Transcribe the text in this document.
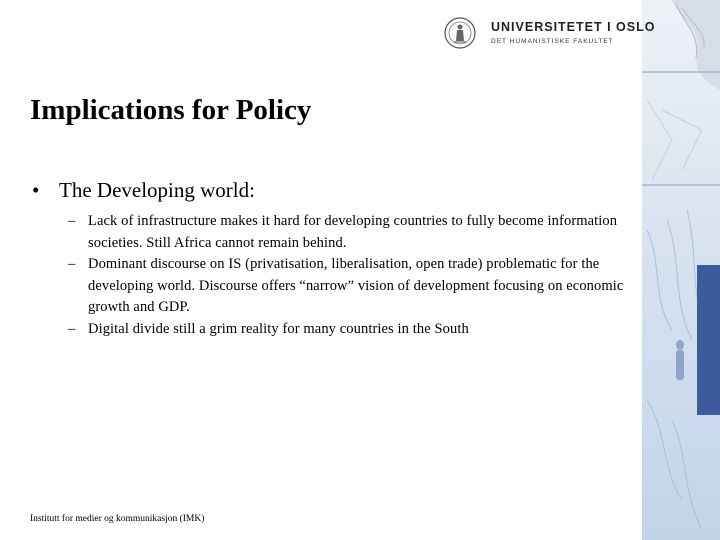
UNIVERSITETET I OSLO
DET HUMANISTISKE FAKULTET
Implications for Policy
• The Developing world:
– Lack of infrastructure makes it hard for developing countries to fully become information societies. Still Africa cannot remain behind.
– Dominant discourse on IS (privatisation, liberalisation, open trade) problematic for the developing world. Discourse offers “narrow” vision of development focusing on economic growth and GDP.
– Digital divide still a grim reality for many countries in the South
Institutt for medier og kommunikasjon (IMK)
